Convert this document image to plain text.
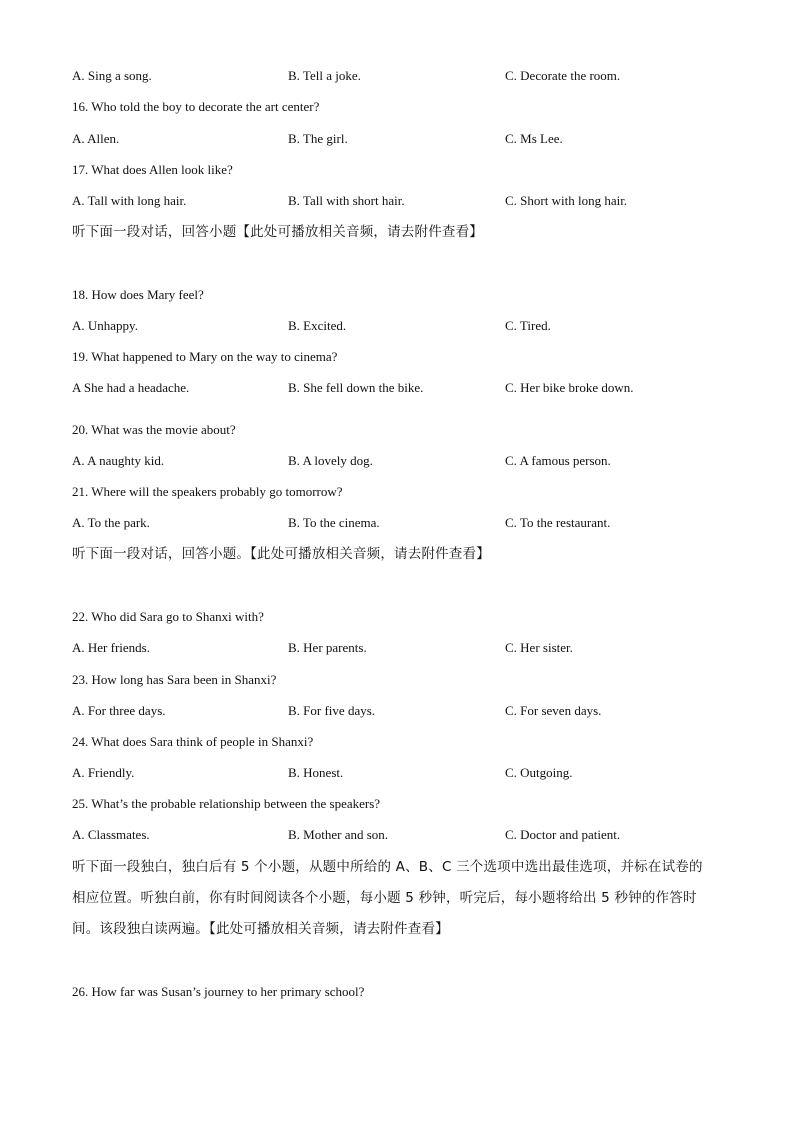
A. Sing a song.	B. Tell a joke.	C. Decorate the room.
16. Who told the boy to decorate the art center?
A. Allen.	B. The girl.	C. Ms Lee.
17. What does Allen look like?
A. Tall with long hair.	B. Tall with short hair.	C. Short with long hair.
听下面一段对话，回答小题【此处可播放相关音频，请去附件查看】
18. How does Mary feel?
A. Unhappy.	B. Excited.	C. Tired.
19. What happened to Mary on the way to cinema?
A She had a headache.	B. She fell down the bike.	C. Her bike broke down.
20. What was the movie about?
A. A naughty kid.	B. A lovely dog.	C. A famous person.
21. Where will the speakers probably go tomorrow?
A. To the park.	B. To the cinema.	C. To the restaurant.
听下面一段对话，回答小题。【此处可播放相关音频，请去附件查看】
22. Who did Sara go to Shanxi with?
A. Her friends.	B. Her parents.	C. Her sister.
23. How long has Sara been in Shanxi?
A. For three days.	B. For five days.	C. For seven days.
24. What does Sara think of people in Shanxi?
A. Friendly.	B. Honest.	C. Outgoing.
25. What’s the probable relationship between the speakers?
A. Classmates.	B. Mother and son.	C. Doctor and patient.
听下面一段独白，独白后有 5 个小题，从题中所给的 A、B、C 三个选项中选出最佳选项，并标在试卷的
相应位置。听独白前，你有时间阅读各个小题，每小题 5 秒钟，听完后，每小题将给出 5 秒钟的作答时
间。该段独白读两遍。【此处可播放相关音频，请去附件查看】
26. How far was Susan’s journey to her primary school?
